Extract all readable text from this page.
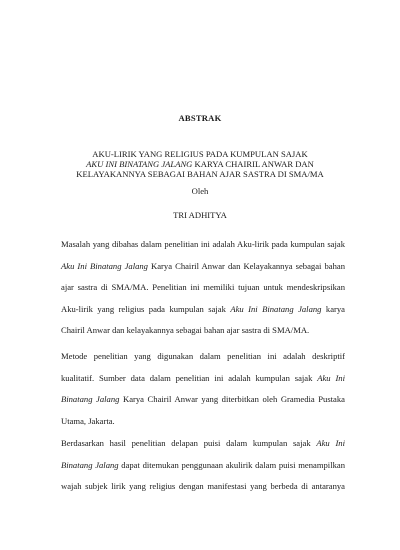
ABSTRAK
AKU-LIRIK YANG RELIGIUS PADA KUMPULAN SAJAK
AKU INI BINATANG JALANG KARYA CHAIRIL ANWAR DAN
KELAYAKANNYA SEBAGAI BAHAN AJAR SASTRA DI SMA/MA
Oleh
TRI ADHITYA
Masalah yang dibahas dalam penelitian ini adalah Aku-lirik pada kumpulan sajak
Aku Ini Binatang Jalang Karya Chairil Anwar dan Kelayakannya sebagai bahan
ajar sastra di SMA/MA. Penelitian ini memiliki tujuan untuk mendeskripsikan
Aku-lirik yang religius pada kumpulan sajak Aku Ini Binatang Jalang karya
Chairil Anwar dan kelayakannya sebagai bahan ajar sastra di SMA/MA.
Metode penelitian yang digunakan dalam penelitian ini adalah deskriptif
kualitatif. Sumber data dalam penelitian ini adalah kumpulan sajak Aku Ini
Binatang Jalang Karya Chairil Anwar yang diterbitkan oleh Gramedia Pustaka
Utama, Jakarta.
Berdasarkan hasil penelitian delapan puisi dalam kumpulan sajak Aku Ini
Binatang Jalang dapat ditemukan penggunaan akulirik dalam puisi menampilkan
wajah subjek lirik yang religius dengan manifestasi yang berbeda di antaranya
